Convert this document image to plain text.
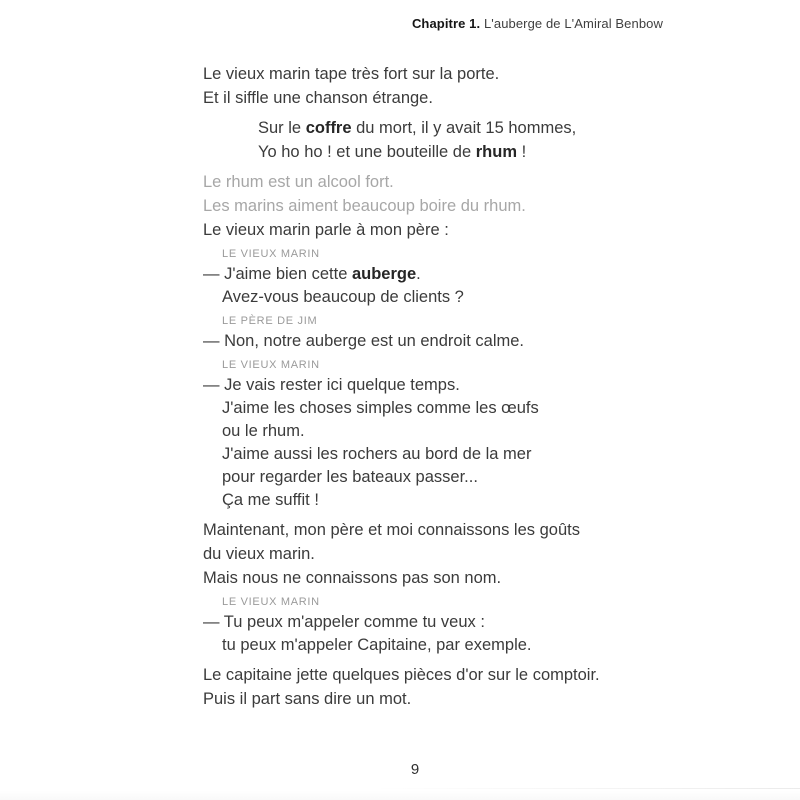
Chapitre 1. L'auberge de L'Amiral Benbow

Le vieux marin tape très fort sur la porte.
Et il siffle une chanson étrange.

Sur le coffre du mort, il y avait 15 hommes,
Yo ho ho ! et une bouteille de rhum !

Le rhum est un alcool fort.
Les marins aiment beaucoup boire du rhum.

Le vieux marin parle à mon père :

LE VIEUX MARIN
— J'aime bien cette auberge.
Avez-vous beaucoup de clients ?
LE PÈRE DE JIM
— Non, notre auberge est un endroit calme.
LE VIEUX MARIN
— Je vais rester ici quelque temps.
J'aime les choses simples comme les œufs
ou le rhum.
J'aime aussi les rochers au bord de la mer
pour regarder les bateaux passer...
Ça me suffit !

Maintenant, mon père et moi connaissons les goûts
du vieux marin.
Mais nous ne connaissons pas son nom.

LE VIEUX MARIN
— Tu peux m'appeler comme tu veux :
tu peux m'appeler Capitaine, par exemple.

Le capitaine jette quelques pièces d'or sur le comptoir.
Puis il part sans dire un mot.

9
